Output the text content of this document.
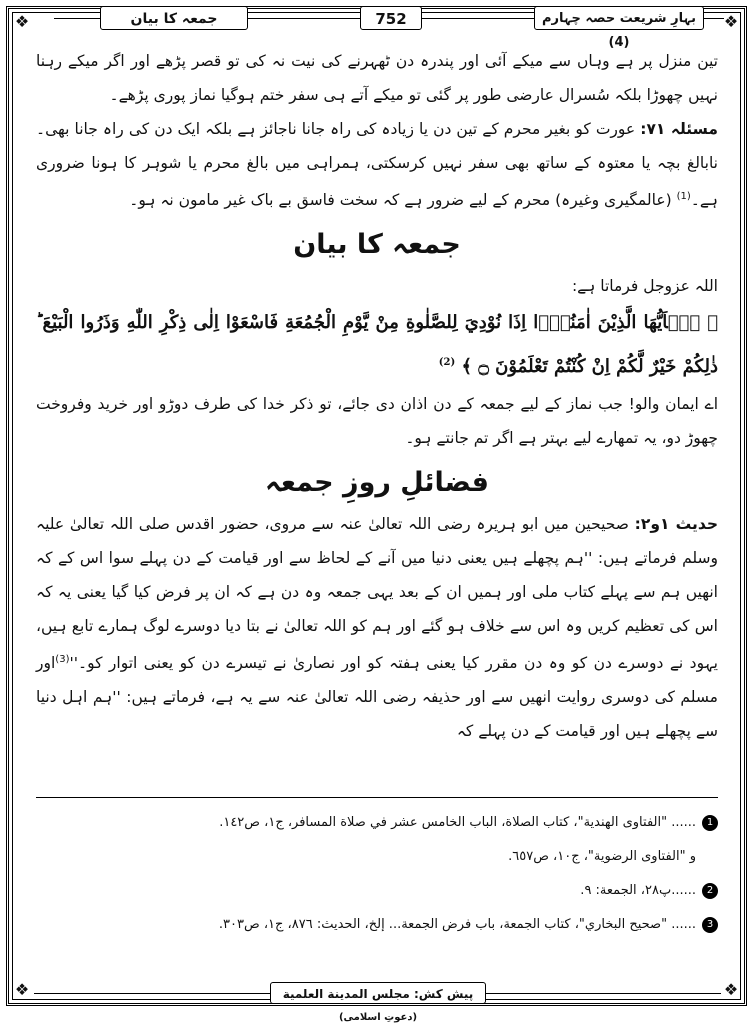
❖	❖
❖	❖
جمعہ کا بیان	752	بہارِ شریعت حصہ چہارم (4)

تین منزل پر ہے وہاں سے میکے آئی اور پندرہ دن ٹھہرنے کی نیت نہ کی تو قصر پڑھے اور اگر میکے رہنا نہیں چھوڑا بلکہ سُسرال عارضی طور پر گئی تو میکے آتے ہی سفر ختم ہوگیا نماز پوری پڑھے۔

مسئلہ ۷۱: عورت کو بغیر محرم کے تین دن یا زیادہ کی راہ جانا ناجائز ہے بلکہ ایک دن کی راہ جانا بھی۔ نابالغ بچہ یا معتوہ کے ساتھ بھی سفر نہیں کرسکتی، ہمراہی میں بالغ محرم یا شوہر کا ہونا ضروری ہے۔$^{(1)}$ (عالمگیری وغیرہ) محرم کے لیے ضرور ہے کہ سخت فاسق بے باک غیر مامون نہ ہو۔

جمعہ کا بیان

اللہ عزوجل فرماتا ہے:

﴿ يٰۤاَيُّهَا الَّذِيْنَ اٰمَنُوْۤا اِذَا نُوْدِيَ لِلصَّلٰوةِ مِنْ يَّوْمِ الْجُمُعَةِ فَاسْعَوْا اِلٰى ذِكْرِ اللّٰهِ وَذَرُوا الْبَيْعَ ؕ ذٰلِكُمْ خَيْرٌ لَّكُمْ اِنْ كُنْتُمْ تَعْلَمُوْنَ ۝ ﴾ $^{(2)}$

اے ایمان والو! جب نماز کے لیے جمعہ کے دن اذان دی جائے، تو ذکر خدا کی طرف دوڑو اور خرید وفروخت چھوڑ دو، یہ تمھارے لیے بہتر ہے اگر تم جانتے ہو۔

فضائلِ روزِ جمعہ

حدیث ۱و۲: صحیحین میں ابو ہریرہ رضی اللہ تعالیٰ عنہ سے مروی، حضور اقدس صلی اللہ تعالیٰ علیہ وسلم فرماتے ہیں: ''ہم پچھلے ہیں یعنی دنیا میں آنے کے لحاظ سے اور قیامت کے دن پہلے سوا اس کے کہ انھیں ہم سے پہلے کتاب ملی اور ہمیں ان کے بعد یہی جمعہ وہ دن ہے کہ ان پر فرض کیا گیا یعنی یہ کہ اس کی تعظیم کریں وہ اس سے خلاف ہو گئے اور ہم کو اللہ تعالیٰ نے بتا دیا دوسرے لوگ ہمارے تابع ہیں، یہود نے دوسرے دن کو وہ دن مقرر کیا یعنی ہفتہ کو اور نصاریٰ نے تیسرے دن کو یعنی اتوار $کو۔''^{(3)}اور$ مسلم کی دوسری روایت انھیں سے اور حذیفہ رضی اللہ تعالیٰ عنہ سے یہ ہے، فرماتے ہیں: ''ہم اہل دنیا سے پچھلے ہیں اور قیامت کے دن پہلے کہ

1
...... "الفتاوى الهندية"، كتاب الصلاة، الباب الخامس عشر في صلاة المسافر، ج١، ص١٤٢.
و "الفتاوى الرضوية"، ج١٠، ص٦٥٧.
2
......پ٢٨، الجمعة: ٩.
3
...... "صحيح البخاري"، كتاب الجمعة، باب فرض الجمعة... إلخ، الحديث: ٨٧٦، ج١، ص٣٠٣.
پیش کش: مجلس المدينة العلمية (دعوتِ اسلامی)
